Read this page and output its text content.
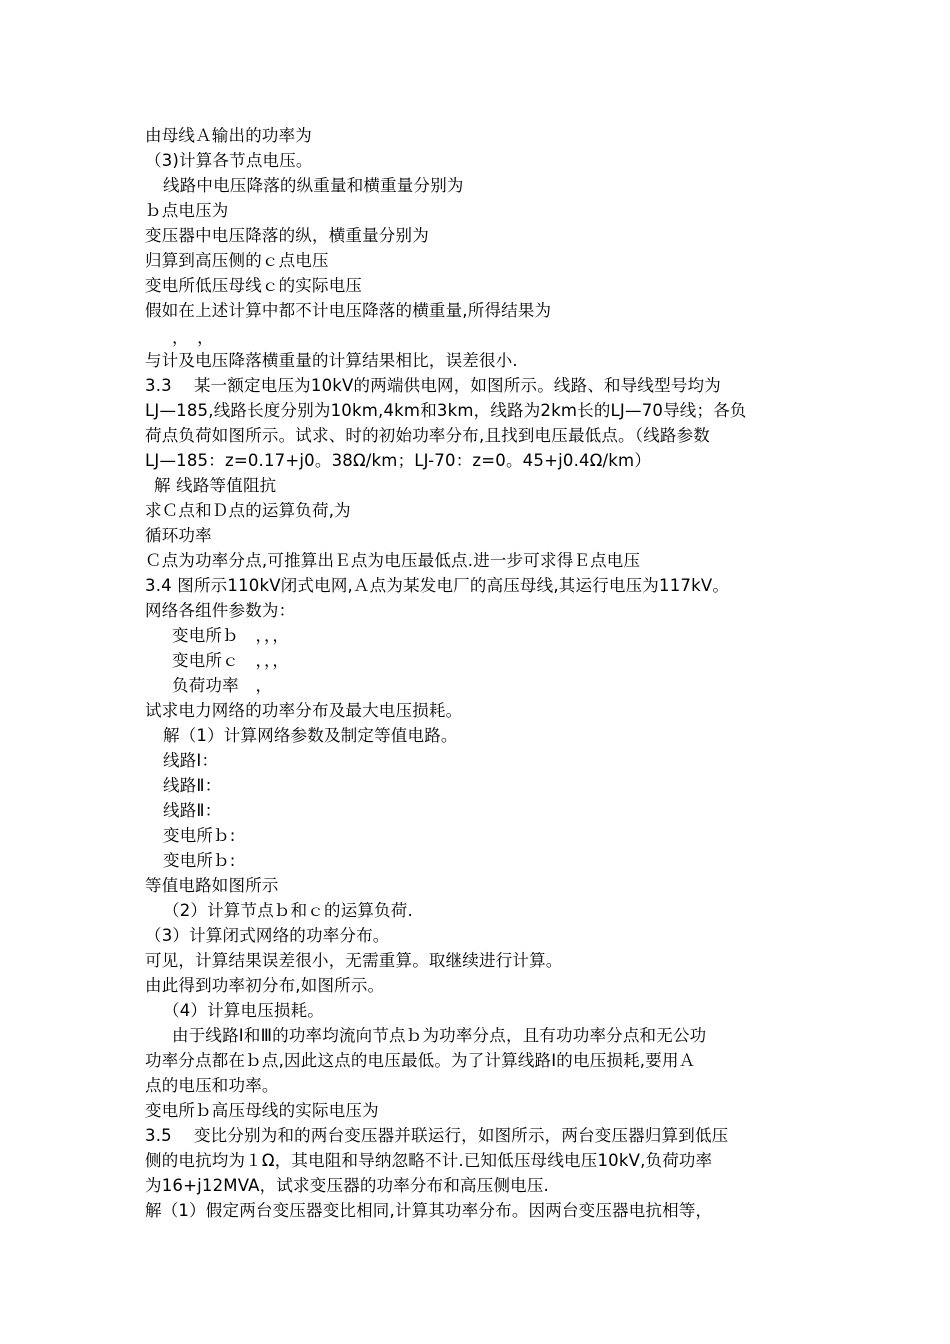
由母线Ａ输出的功率为
（3)计算各节点电压。
线路中电压降落的纵重量和横重量分别为
ｂ点电压为
变压器中电压降落的纵，横重量分别为
归算到高压侧的ｃ点电压
变电所低压母线ｃ的实际电压
假如在上述计算中都不计电压降落的横重量,所得结果为
，　，
与计及电压降落横重量的计算结果相比，误差很小.
3.3　 某一额定电压为10kV的两端供电网，如图所示。线路、和导线型号均为
LJ—185,线路长度分别为10km,4km和3km，线路为2km长的LJ—70导线；各负
荷点负荷如图所示。试求、时的初始功率分布,且找到电压最低点。（线路参数
LJ—185：z=0.17+j0。38Ω/km；LJ-70：z=0。45+j0.4Ω/km）
解 线路等值阻抗
求Ｃ点和Ｄ点的运算负荷,为
循环功率
Ｃ点为功率分点,可推算出Ｅ点为电压最低点.进一步可求得Ｅ点电压
3.4 图所示110kV闭式电网,Ａ点为某发电厂的高压母线,其运行电压为117kV。
网络各组件参数为：
变电所ｂ　，，，
变电所ｃ　，，，
负荷功率　，
试求电力网络的功率分布及最大电压损耗。
解（1）计算网络参数及制定等值电路。
线路Ⅰ：
线路Ⅱ：
线路Ⅱ：
变电所ｂ:
变电所ｂ:
等值电路如图所示
（2）计算节点ｂ和ｃ的运算负荷.
（3）计算闭式网络的功率分布。
可见，计算结果误差很小，无需重算。取继续进行计算。
由此得到功率初分布,如图所示。
（4）计算电压损耗。
由于线路Ⅰ和Ⅲ的功率均流向节点ｂ为功率分点，且有功功率分点和无公功
功率分点都在ｂ点,因此这点的电压最低。为了计算线路Ⅰ的电压损耗,要用Ａ
点的电压和功率。
变电所ｂ高压母线的实际电压为
3.5　 变比分别为和的两台变压器并联运行，如图所示，两台变压器归算到低压
侧的电抗均为１Ω，其电阻和导纳忽略不计.已知低压母线电压10kV,负荷功率
为16+j12MVA，试求变压器的功率分布和高压侧电压.
解（1）假定两台变压器变比相同,计算其功率分布。因两台变压器电抗相等，
